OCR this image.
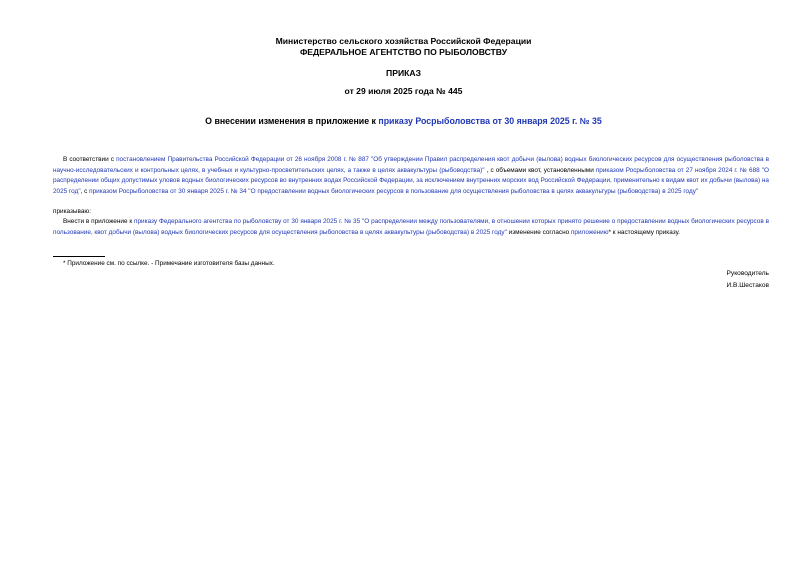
Министерство сельского хозяйства Российской Федерации
ФЕДЕРАЛЬНОЕ АГЕНТСТВО ПО РЫБОЛОВСТВУ
ПРИКАЗ
от 29 июля 2025 года № 445
О внесении изменения в приложение к приказу Росрыболовства от 30 января 2025 г. № 35
В соответствии с постановлением Правительства Российской Федерации от 26 ноября 2008 г. № 887 "Об утверждении Правил распределения квот добычи (вылова) водных биологических ресурсов для осуществления рыболовства в научно-исследовательских и контрольных целях, в учебных и культурно-просветительских целях, а также в целях аквакультуры (рыбоводства)" , с объемами квот, установленными приказом Росрыболовства от 27 ноября 2024 г. № 688 "О распределении общих допустимых уловов водных биологических ресурсов во внутренних водах Российской Федерации, за исключением внутренних морских вод Российской Федерации, применительно к видам квот их добычи (вылова) на 2025 год", с приказом Росрыболовства от 30 января 2025 г. № 34 "О предоставлении водных биологических ресурсов в пользование для осуществления рыболовства в целях аквакультуры (рыбоводства) в 2025 году"
приказываю:
Внести в приложение к приказу Федерального агентства по рыболовству от 30 января 2025 г. № 35 "О распределении между пользователями, в отношении которых принято решение о предоставлении водных биологических ресурсов в пользование, квот добычи (вылова) водных биологических ресурсов для осуществления рыболовства в целях аквакультуры (рыбоводства) в 2025 году" изменение согласно приложению* к настоящему приказу.
* Приложение см. по ссылке. - Примечание изготовителя базы данных.
Руководитель
И.В.Шестаков
